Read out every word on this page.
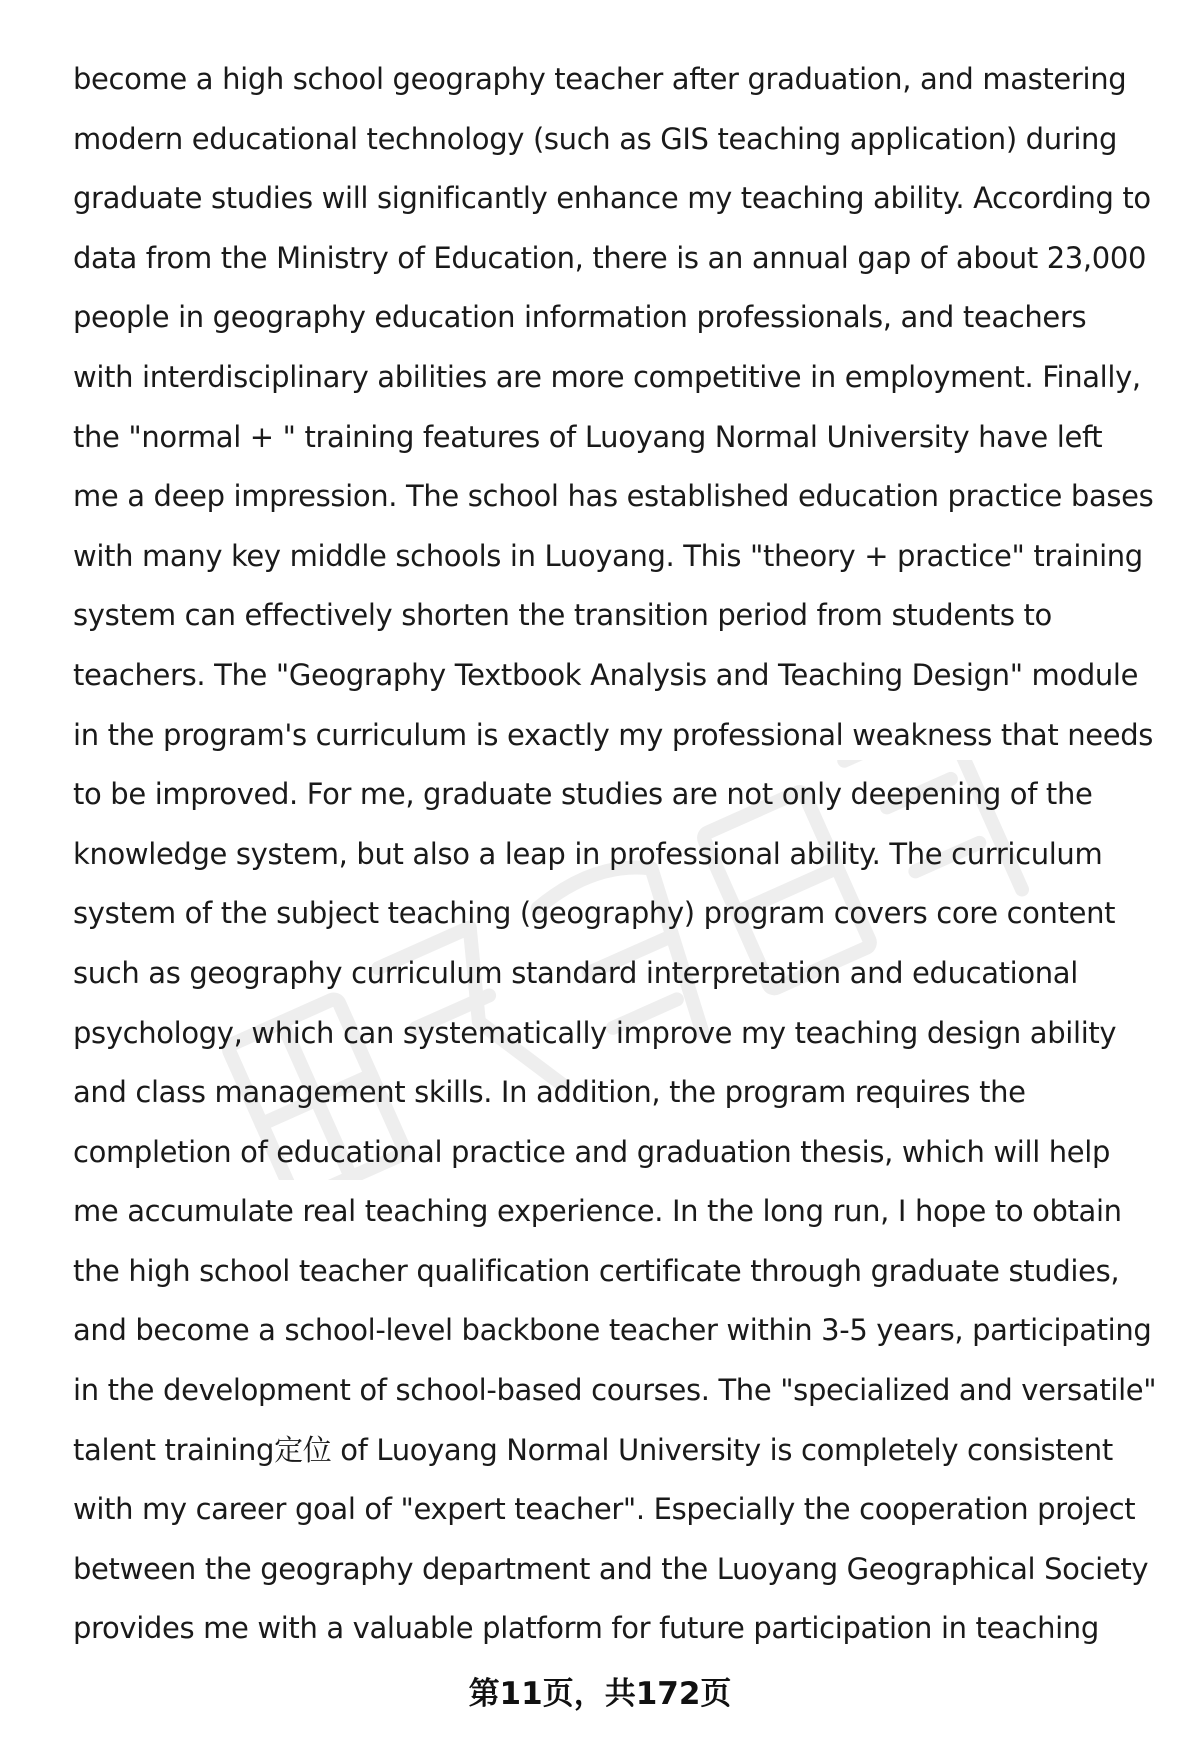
become a high school geography teacher after graduation, and mastering
modern educational technology (such as GIS teaching application) during
graduate studies will significantly enhance my teaching ability. According to
data from the Ministry of Education, there is an annual gap of about 23,000
people in geography education information professionals, and teachers
with interdisciplinary abilities are more competitive in employment. Finally,
the "normal + " training features of Luoyang Normal University have left
me a deep impression. The school has established education practice bases
with many key middle schools in Luoyang. This "theory + practice" training
system can effectively shorten the transition period from students to
teachers. The "Geography Textbook Analysis and Teaching Design" module
in the program's curriculum is exactly my professional weakness that needs
to be improved. For me, graduate studies are not only deepening of the
knowledge system, but also a leap in professional ability. The curriculum
system of the subject teaching (geography) program covers core content
such as geography curriculum standard interpretation and educational
psychology, which can systematically improve my teaching design ability
and class management skills. In addition, the program requires the
completion of educational practice and graduation thesis, which will help
me accumulate real teaching experience. In the long run, I hope to obtain
the high school teacher qualification certificate through graduate studies,
and become a school-level backbone teacher within 3-5 years, participating
in the development of school-based courses. The "specialized and versatile"
talent training定位 of Luoyang Normal University is completely consistent
with my career goal of "expert teacher". Especially the cooperation project
between the geography department and the Luoyang Geographical Society
provides me with a valuable platform for future participation in teaching
第11页，共172页
